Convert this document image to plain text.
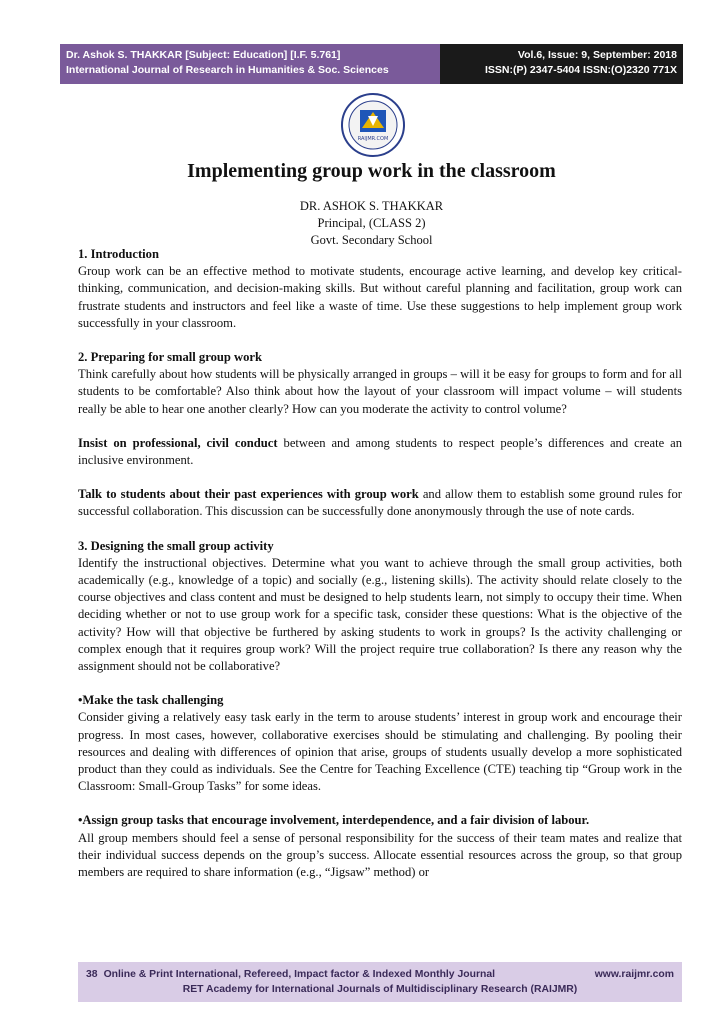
Dr. Ashok S. THAKKAR [Subject: Education] [I.F. 5.761]
International Journal of Research in Humanities & Soc. Sciences
Vol.6, Issue: 9, September: 2018
ISSN:(P) 2347-5404 ISSN:(O)2320 771X
RAIJMR.COM
Implementing group work in the classroom
DR. ASHOK S. THAKKAR
Principal, (CLASS 2)
Govt. Secondary School
1. Introduction

Group work can be an effective method to motivate students, encourage active learning, and develop key critical-thinking, communication, and decision-making skills. But without careful planning and facilitation, group work can frustrate students and instructors and feel like a waste of time. Use these suggestions to help implement group work successfully in your classroom.

2. Preparing for small group work

Think carefully about how students will be physically arranged in groups – will it be easy for groups to form and for all students to be comfortable? Also think about how the layout of your classroom will impact volume – will students really be able to hear one another clearly? How can you moderate the activity to control volume?

Insist on professional, civil conduct between and among students to respect people’s differences and create an inclusive environment.

Talk to students about their past experiences with group work and allow them to establish some ground rules for successful collaboration. This discussion can be successfully done anonymously through the use of note cards.

3. Designing the small group activity

Identify the instructional objectives. Determine what you want to achieve through the small group activities, both academically (e.g., knowledge of a topic) and socially (e.g., listening skills). The activity should relate closely to the course objectives and class content and must be designed to help students learn, not simply to occupy their time. When deciding whether or not to use group work for a specific task, consider these questions: What is the objective of the activity? How will that objective be furthered by asking students to work in groups? Is the activity challenging or complex enough that it requires group work? Will the project require true collaboration? Is there any reason why the assignment should not be collaborative?

•Make the task challenging

Consider giving a relatively easy task early in the term to arouse students’ interest in group work and encourage their progress. In most cases, however, collaborative exercises should be stimulating and challenging. By pooling their resources and dealing with differences of opinion that arise, groups of students usually develop a more sophisticated product than they could as individuals. See the Centre for Teaching Excellence (CTE) teaching tip “Group work in the Classroom: Small-Group Tasks” for some ideas.

•Assign group tasks that encourage involvement, interdependence, and a fair division of labour.

All group members should feel a sense of personal responsibility for the success of their team mates and realize that their individual success depends on the group’s success. Allocate essential resources across the group, so that group members are required to share information (e.g., “Jigsaw” method) or

38 Online & Print International, Refereed, Impact factor & Indexed Monthly Journal	www.raijmr.com
RET Academy for International Journals of Multidisciplinary Research (RAIJMR)
